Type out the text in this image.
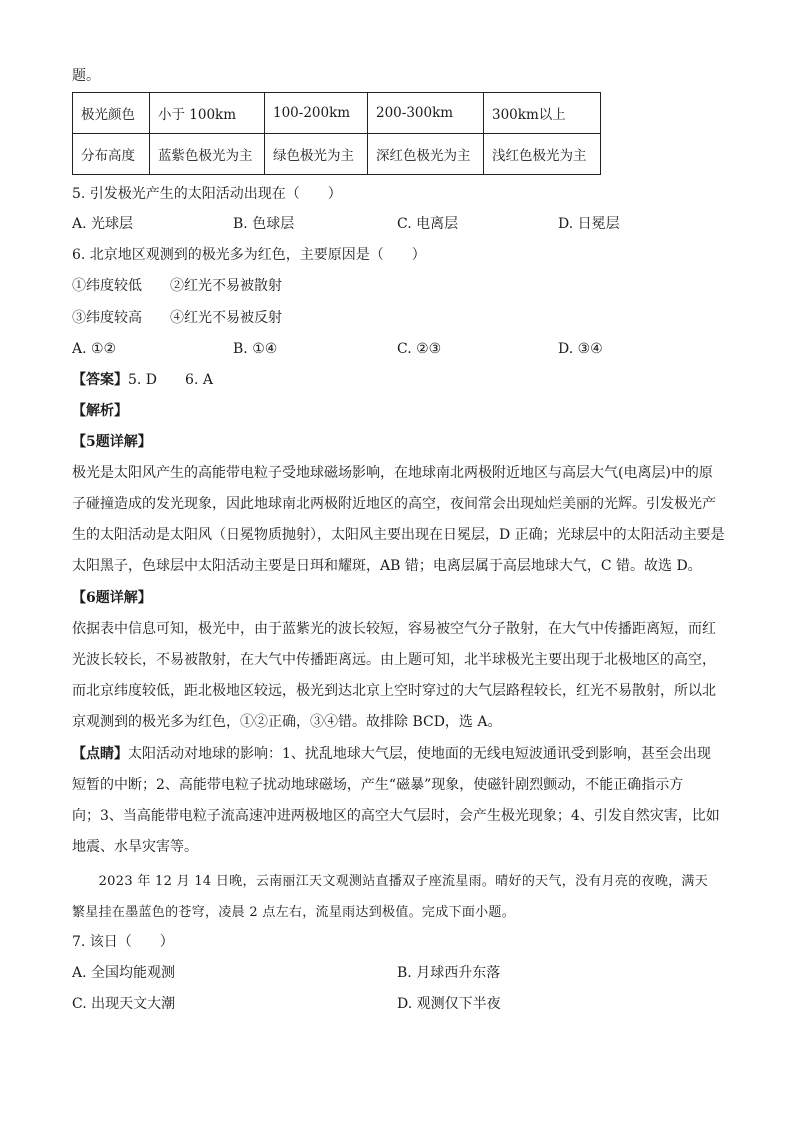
题。
极光颜色	小于 100km	100-200km	200-300km	300km以上
分布高度	蓝紫色极光为主	绿色极光为主	深红色极光为主	浅红色极光为主
5. 引发极光产生的太阳活动出现在（　　）
A. 光球层	B. 色球层	C. 电离层	D. 日冕层
6. 北京地区观测到的极光多为红色，主要原因是（　　）
①纬度较低 ②红光不易被散射
③纬度较高 ④红光不易被反射
A. ①②	B. ①④	C. ②③	D. ③④
【答案】5. D　　6. A
【解析】
【5题详解】

极光是太阳风产生的高能带电粒子受地球磁场影响，在地球南北两极附近地区与高层大气(电离层)中的原

子碰撞造成的发光现象，因此地球南北两极附近地区的高空，夜间常会出现灿烂美丽的光辉。引发极光产

生的太阳活动是太阳风（日冕物质抛射），太阳风主要出现在日冕层，D 正确；光球层中的太阳活动主要是

太阳黑子，色球层中太阳活动主要是日珥和耀斑，AB 错；电离层属于高层地球大气，C 错。故选 D。

【6题详解】

依据表中信息可知，极光中，由于蓝紫光的波长较短，容易被空气分子散射，在大气中传播距离短，而红

光波长较长，不易被散射，在大气中传播距离远。由上题可知，北半球极光主要出现于北极地区的高空，

而北京纬度较低，距北极地区较远，极光到达北京上空时穿过的大气层路程较长，红光不易散射，所以北

京观测到的极光多为红色，①②正确，③④错。故排除 BCD，选 A。

【点睛】太阳活动对地球的影响：1、扰乱地球大气层，使地面的无线电短波通讯受到影响，甚至会出现

短暂的中断；2、高能带电粒子扰动地球磁场，产生“磁暴”现象，使磁针剧烈颤动，不能正确指示方

向；3、当高能带电粒子流高速冲进两极地区的高空大气层时，会产生极光现象；4、引发自然灾害，比如

地震、水旱灾害等。

　　2023 年 12 月 14 日晚，云南丽江天文观测站直播双子座流星雨。晴好的天气，没有月亮的夜晚，满天

繁星挂在墨蓝色的苍穹，凌晨 2 点左右，流星雨达到极值。完成下面小题。

7. 该日（　　）
A. 全国均能观测	B. 月球西升东落
C. 出现天文大潮	D. 观测仅下半夜
